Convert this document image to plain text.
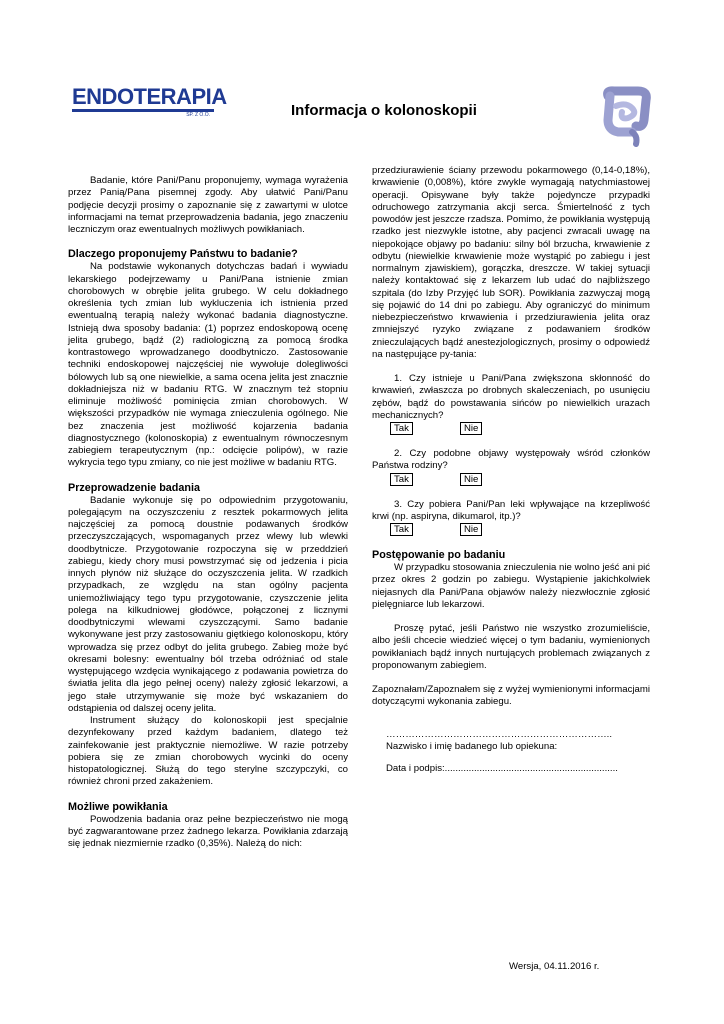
ENDOTERAPIA
SP. Z O.O.	Informacja o kolonoskopii

Badanie, które Pani/Panu proponujemy, wymaga wyrażenia przez Panią/Pana pisemnej zgody. Aby ułatwić Pani/Panu podjęcie decyzji prosimy o zapoznanie się z zawartymi w ulotce informacjami na temat przeprowadzenia badania, jego znaczeniu leczniczym oraz ewentualnych możliwych powikłaniach.

Dlaczego proponujemy Państwu to badanie?

Na podstawie wykonanych dotychczas badań i wywiadu lekarskiego podejrzewamy u Pani/Pana istnienie zmian chorobowych w obrębie jelita grubego. W celu dokładnego określenia tych zmian lub wykluczenia ich istnienia przed ewentualną terapią należy wykonać badania diagnostyczne. Istnieją dwa sposoby badania: (1) poprzez endoskopową ocenę jelita grubego, bądź (2) radiologiczną za pomocą środka kontrastowego wprowadzanego doodbytniczo. Zastosowanie techniki endoskopowej najczęściej nie wywołuje dolegliwości bólowych lub są one niewielkie, a sama ocena jelita jest znacznie dokładniejsza niż w badaniu RTG. W znacznym też stopniu eliminuje możliwość pominięcia zmian chorobowych. W większości przypadków nie wymaga znieczulenia ogólnego. Nie bez znaczenia jest możliwość kojarzenia badania diagnostycznego (kolonoskopia) z ewentualnym równoczesnym zabiegiem terapeutycznym (np.: odcięcie polipów), w razie wykrycia tego typu zmiany, co nie jest możliwe w badaniu RTG.

Przeprowadzenie badania

Badanie wykonuje się po odpowiednim przygotowaniu, polegającym na oczyszczeniu z resztek pokarmowych jelita najczęściej za pomocą doustnie podawanych środków przeczyszczających, wspomaganych przez wlewy lub wlewki doodbytnicze. Przygotowanie rozpoczyna się w przeddzień zabiegu, kiedy chory musi powstrzymać się od jedzenia i picia innych płynów niż służące do oczyszczenia jelita. W rzadkich przypadkach, ze względu na stan ogólny pacjenta uniemożliwiający tego typu przygotowanie, czyszczenie jelita polega na kilkudniowej głodówce, połączonej z licznymi doodbytniczymi wlewami czyszczącymi. Samo badanie wykonywane jest przy zastosowaniu giętkiego kolonoskopu, który wprowadza się przez odbyt do jelita grubego. Zabieg może być okresami bolesny: ewentualny ból trzeba odróżniać od stale występującego wzdęcia wynikającego z podawania powietrza do światła jelita dla jego pełnej oceny) należy zgłosić lekarzowi, a jego stałe utrzymywanie się może być wskazaniem do odstąpienia od dalszej oceny jelita.

Instrument służący do kolonoskopii jest specjalnie dezynfekowany przed każdym badaniem, dlatego też zainfekowanie jest praktycznie niemożliwe. W razie potrzeby pobiera się ze zmian chorobowych wycinki do oceny histopatologicznej. Służą do tego sterylne szczypczyki, co również chroni przed zakażeniem.

Możliwe powikłania

Powodzenia badania oraz pełne bezpieczeństwo nie mogą być zagwarantowane przez żadnego lekarza. Powikłania zdarzają się jednak niezmiernie rzadko (0,35%). Należą do nich:

przedziurawienie ściany przewodu pokarmowego (0,14-0,18%), krwawienie (0,008%), które zwykle wymagają natychmiastowej operacji. Opisywane były także pojedyncze przypadki odruchowego zatrzymania akcji serca. Śmiertelność z tych powodów jest jeszcze rzadsza. Pomimo, że powikłania występują rzadko jest niezwykle istotne, aby pacjenci zwracali uwagę na niepokojące objawy po badaniu: silny ból brzucha, krwawienie z odbytu (niewielkie krwawienie może wystąpić po zabiegu i jest normalnym zjawiskiem), gorączka, dreszcze. W takiej sytuacji należy kontaktować się z lekarzem lub udać do najbliższego szpitala (do Izby Przyjęć lub SOR). Powikłania zazwyczaj mogą się pojawić do 14 dni po zabiegu. Aby ograniczyć do minimum niebezpieczeństwo krwawienia i przedziurawienia jelita oraz zmniejszyć ryzyko związane z podawaniem środków znieczulających bądź anestezjologicznych, prosimy o odpowiedź na następujące py-tania:

1. Czy istnieje u Pani/Pana zwiększona skłonność do krwawień, zwłaszcza po drobnych skaleczeniach, po usunięciu zębów, bądź do powstawania sińców po niewielkich urazach mechanicznych?

Tak	Nie

2. Czy podobne objawy występowały wśród członków Państwa rodziny?

Tak	Nie

3. Czy pobiera Pani/Pan leki wpływające na krzepliwość krwi (np. aspiryna, dikumarol, itp.)?

Tak	Nie
Postępowanie po badaniu

W przypadku stosowania znieczulenia nie wolno jeść ani pić przez okres 2 godzin po zabiegu. Wystąpienie jakichkolwiek niejasnych dla Pani/Pana objawów należy niezwłocznie zgłosić pielęgniarce lub lekarzowi.

Proszę pytać, jeśli Państwo nie wszystko zrozumieliście, albo jeśli chcecie wiedzieć więcej o tym badaniu, wymienionych powikłaniach bądź innych nurtujących problemach związanych z proponowanym zabiegiem.

Zapoznałam/Zapoznałem się z wyżej wymienionymi informacjami dotyczącymi wykonania zabiegu.

……………………………………………………………..
Nazwisko i imię badanego lub opiekuna:
Data i podpis:.................................................................
Wersja, 04.11.2016 r.
